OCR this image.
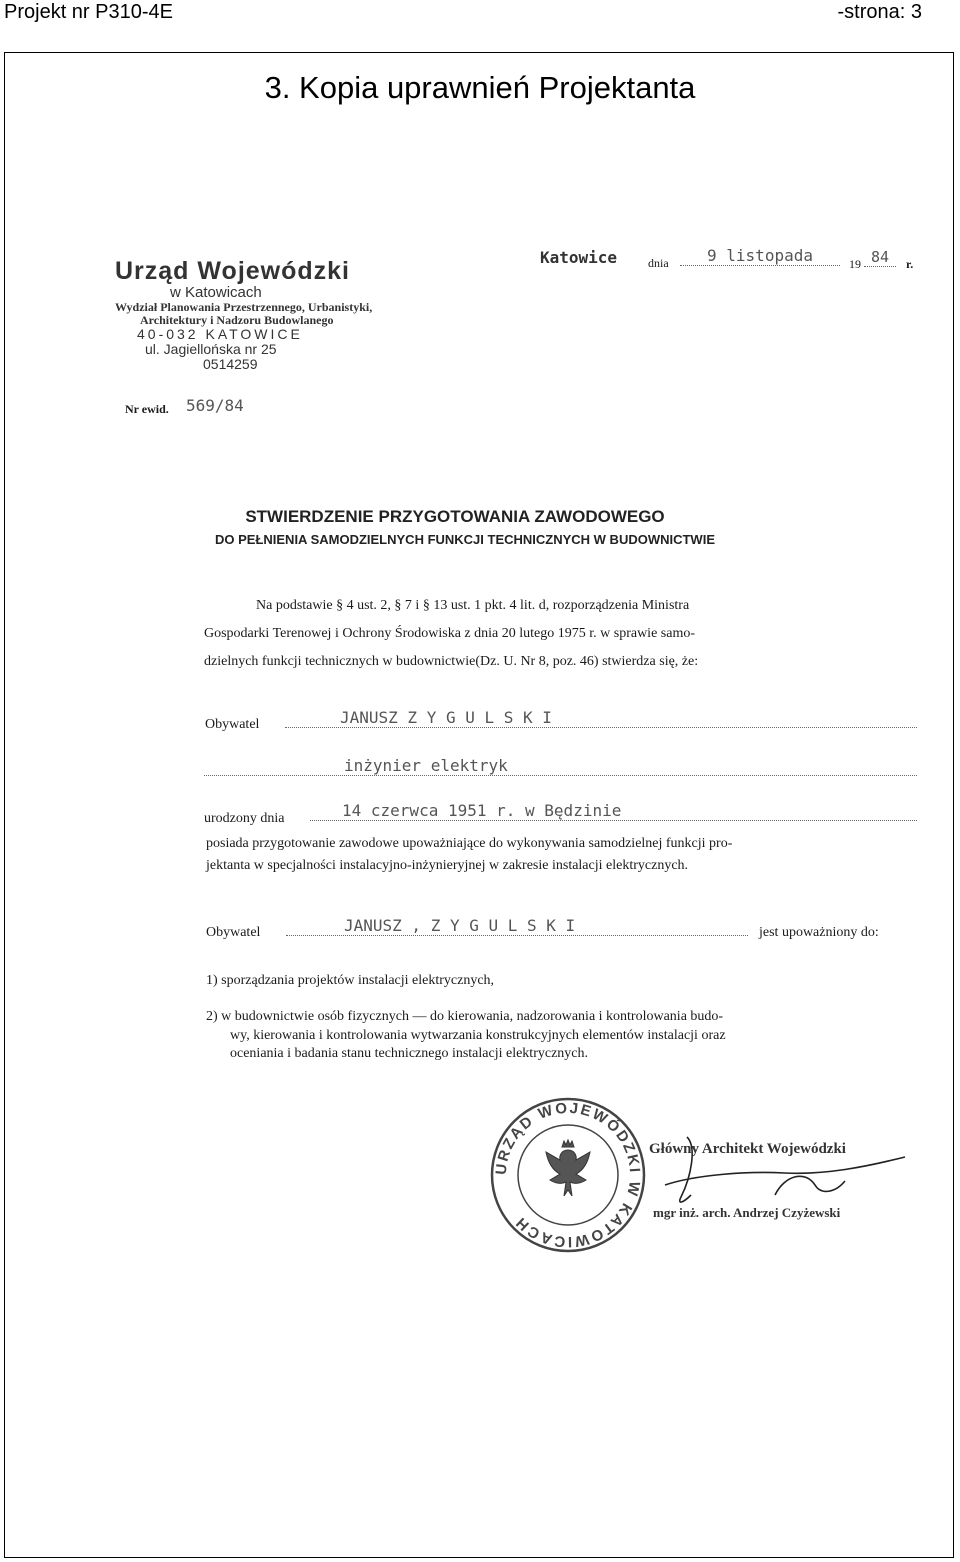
Projekt nr P310-4E	-strona: 3
3. Kopia uprawnień Projektanta
Katowice	dnia	9 listopada	19 84	r.
Urząd Wojewódzki
w Katowicach
Wydział Planowania Przestrzennego, Urbanistyki,
Architektury i Nadzoru Budowlanego
40-032 KATOWICE
ul. Jagiellońska nr 25
0514259
Nr ewid. 569/84
STWIERDZENIE PRZYGOTOWANIA ZAWODOWEGO
DO PEŁNIENIA SAMODZIELNYCH FUNKCJI TECHNICZNYCH W BUDOWNICTWIE
Na podstawie § 4 ust. 2, § 7 i § 13 ust. 1 pkt. 4 lit. d, rozporządzenia Ministra
Gospodarki Terenowej i Ochrony Środowiska z dnia 20 lutego 1975 r. w sprawie samo-
dzielnych funkcji technicznych w budownictwie(Dz. U. Nr 8, poz. 46) stwierdza się, że:
Obywatel	JANUSZ Z Y G U L S K I
inżynier elektryk
urodzony dnia	14 czerwca 1951 r. w Będzinie
posiada przygotowanie zawodowe upoważniające do wykonywania samodzielnej funkcji pro-
jektanta w specjalności instalacyjno-inżynieryjnej w zakresie instalacji elektrycznych.
Obywatel	JANUSZ , Z Y G U L S K I	jest upoważniony do:
1) sporządzania projektów instalacji elektrycznych,
2) w budownictwie osób fizycznych — do kierowania, nadzorowania i kontrolowania budo-
wy, kierowania i kontrolowania wytwarzania konstrukcyjnych elementów instalacji oraz
oceniania i badania stanu technicznego instalacji elektrycznych.
URZĄD WOJEWÓDZKI W KATOWICACH
Główny Architekt Wojewódzki
mgr inż. arch. Andrzej Czyżewski
